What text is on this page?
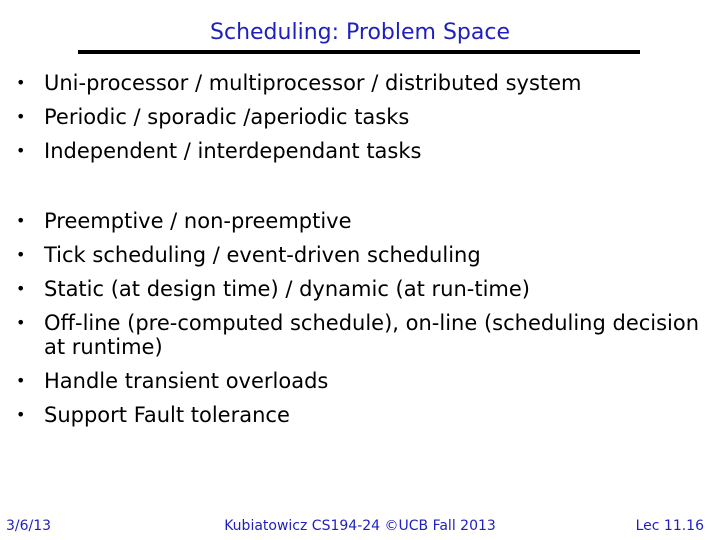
Scheduling: Problem Space
• Uni-processor / multiprocessor / distributed system
• Periodic / sporadic /aperiodic tasks
• Independent / interdependant tasks
• Preemptive / non-preemptive
• Tick scheduling / event-driven scheduling
• Static (at design time) / dynamic (at run-time)
• Off-line (pre-computed schedule), on-line (scheduling decision at runtime)
• Handle transient overloads
• Support Fault tolerance
3/6/13	Kubiatowicz CS194-24 ©UCB Fall 2013	Lec 11.16
